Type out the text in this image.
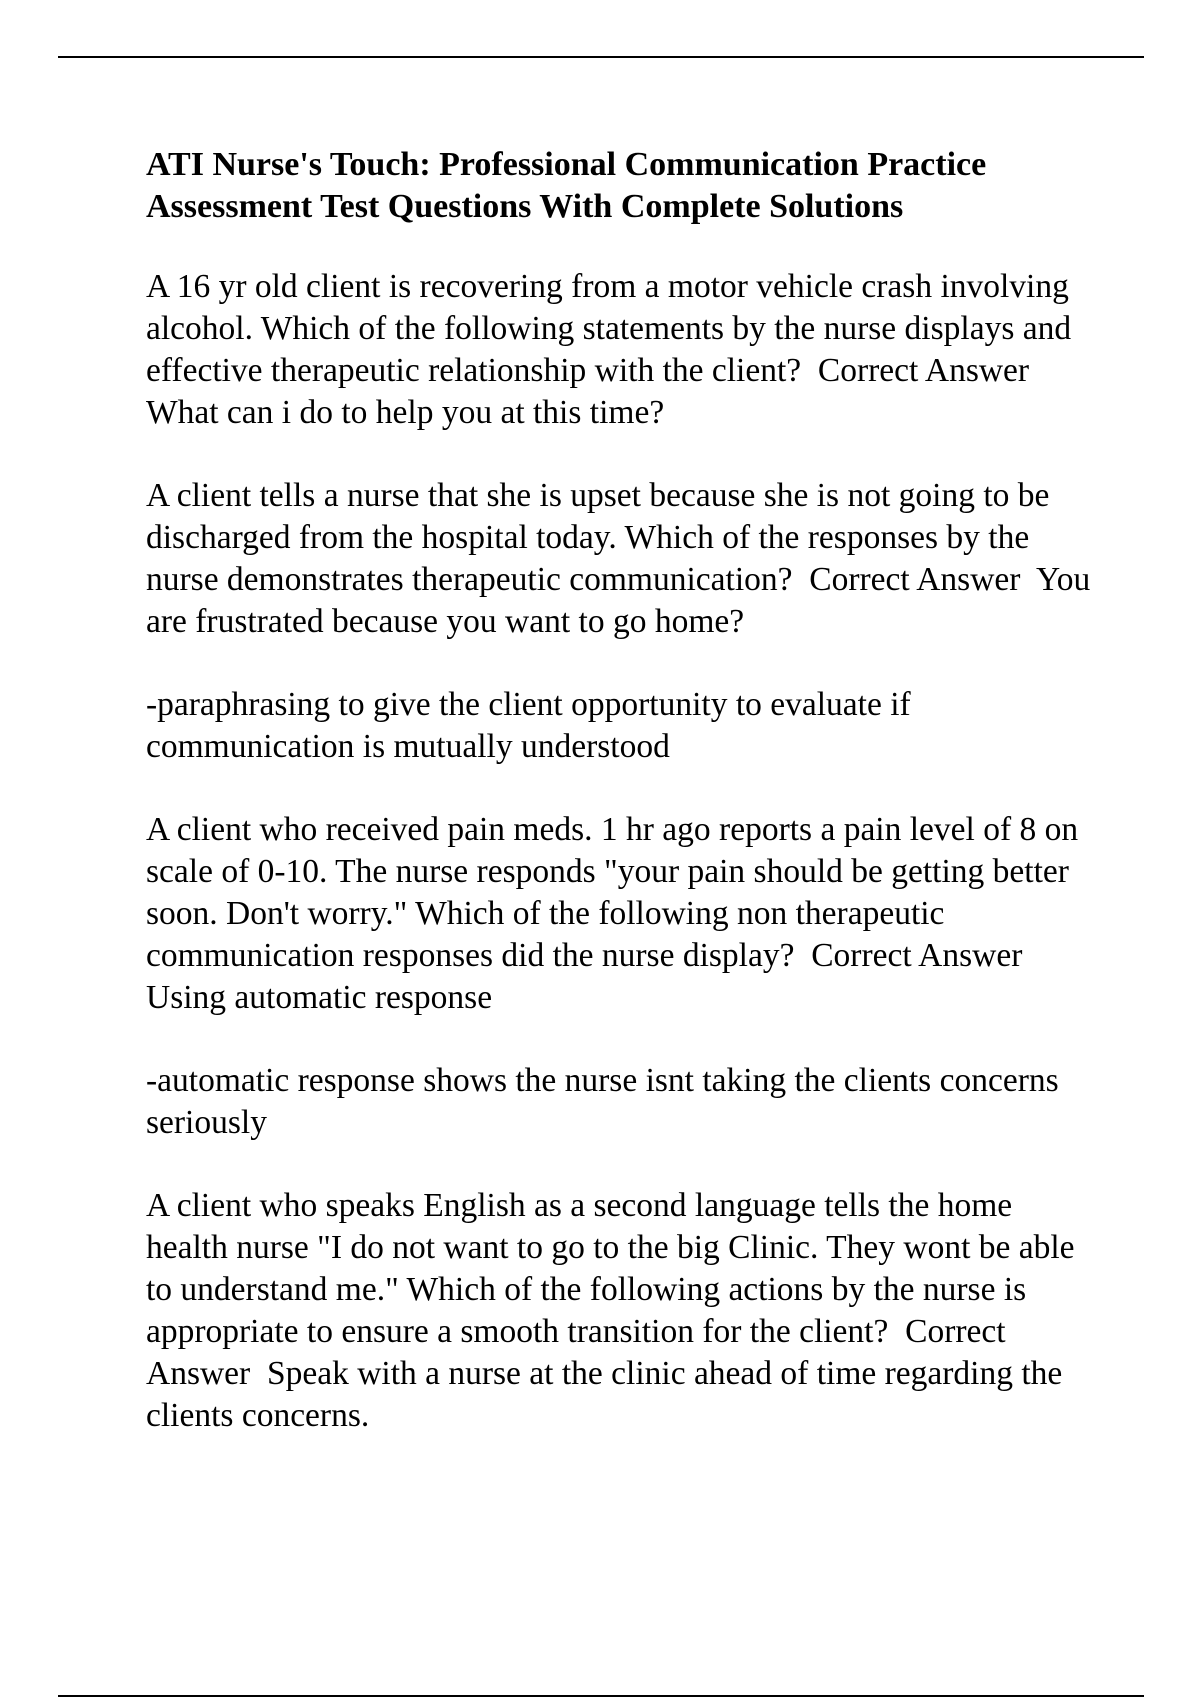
ATI Nurse's Touch: Professional Communication Practice Assessment Test Questions With Complete Solutions

A 16 yr old client is recovering from a motor vehicle crash involving alcohol. Which of the following statements by the nurse displays and effective therapeutic relationship with the client?  Correct Answer  What can i do to help you at this time?

A client tells a nurse that she is upset because she is not going to be discharged from the hospital today. Which of the responses by the nurse demonstrates therapeutic communication?  Correct Answer  You are frustrated because you want to go home?

-paraphrasing to give the client opportunity to evaluate if communication is mutually understood

A client who received pain meds. 1 hr ago reports a pain level of 8 on scale of 0-10. The nurse responds "your pain should be getting better soon. Don't worry." Which of the following non therapeutic communication responses did the nurse display?  Correct Answer  Using automatic response

-automatic response shows the nurse isnt taking the clients concerns seriously

A client who speaks English as a second language tells the home health nurse "I do not want to go to the big Clinic. They wont be able to understand me." Which of the following actions by the nurse is appropriate to ensure a smooth transition for the client?  Correct Answer  Speak with a nurse at the clinic ahead of time regarding the clients concerns.
